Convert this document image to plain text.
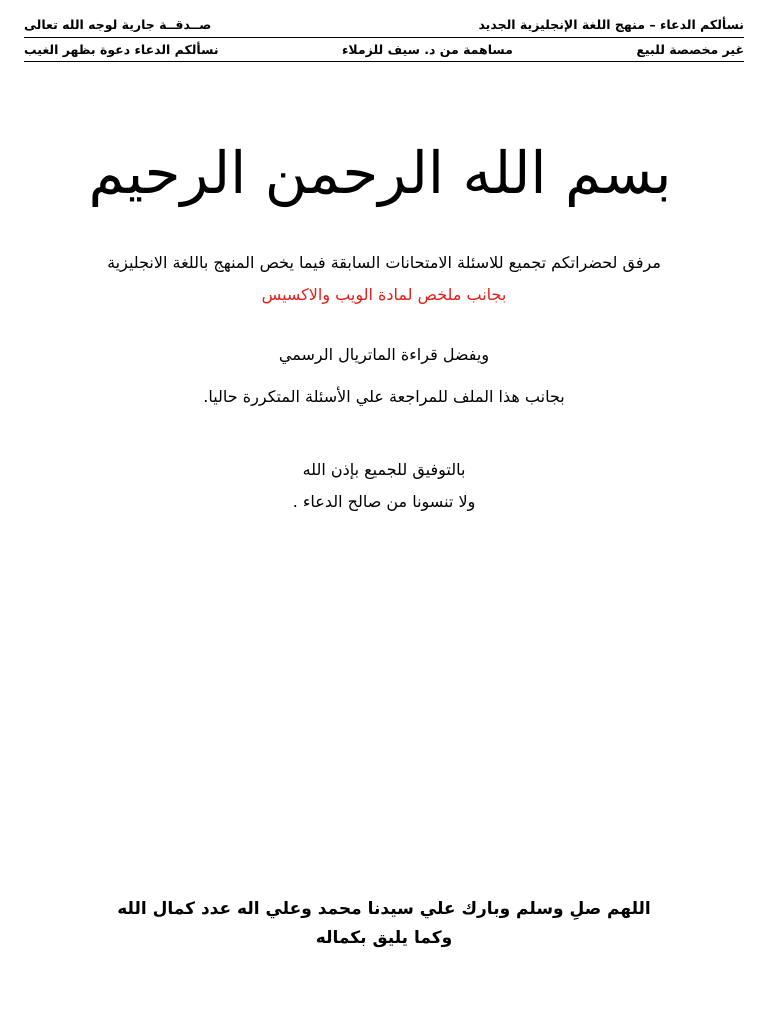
نسألكم الدعاء – منهج اللغة الإنجليزية الجديد
صــدقــة جارية لوجه الله تعالى
غير مخصصة للبيع
مساهمة من د. سيف للزملاء
نسألكم الدعاء دعوة بظهر الغيب
بسم الله الرحمن الرحيم
مرفق لحضراتكم تجميع للاسئلة الامتحانات السابقة فيما يخص المنهج باللغة الانجليزية
بجانب ملخص لمادة الويب والاكسيس
ويفضل قراءة الماتريال الرسمي
بجانب هذا الملف للمراجعة علي الأسئلة المتكررة حاليا.
بالتوفيق للجميع بإذن الله
ولا تنسونا من صالح الدعاء .
اللهم صلِ وسلم وبارك علي سيدنا محمد وعلي اله عدد كمال الله
وكما يليق بكماله
